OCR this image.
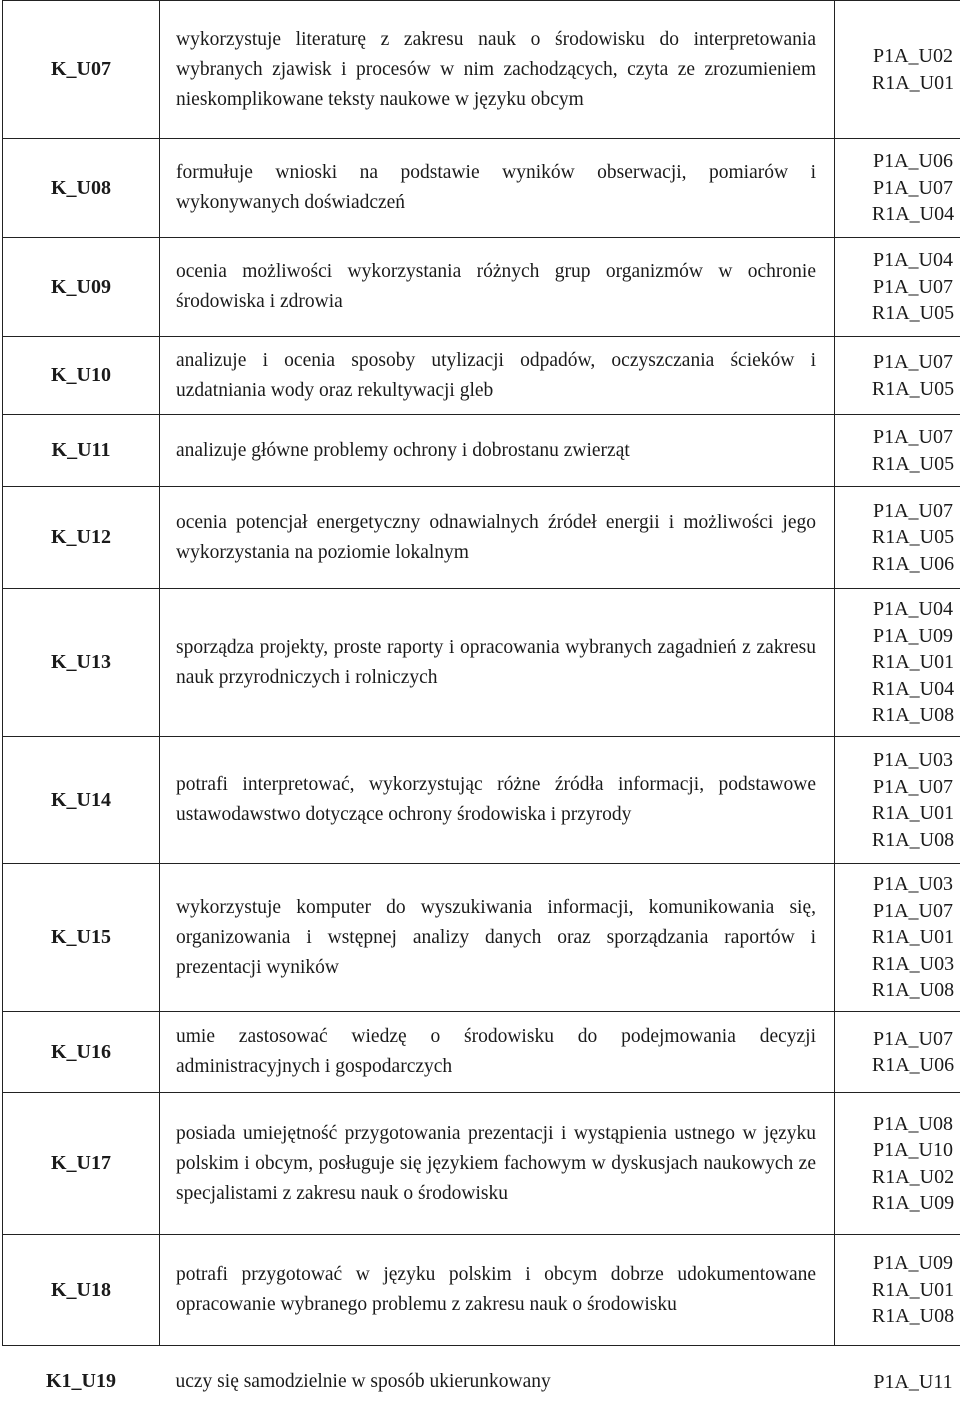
K_U07	wykorzystuje literaturę z zakresu nauk o środowisku do interpretowania wybranych zjawisk i procesów w nim zachodzących, czyta ze zrozumieniem nieskomplikowane teksty naukowe w języku obcym	P1A_U02
R1A_U01

K_U08	formułuje wnioski na podstawie wyników obserwacji, pomiarów i wykonywanych doświadczeń	P1A_U06
P1A_U07
R1A_U04

K_U09	ocenia możliwości wykorzystania różnych grup organizmów w ochronie środowiska i zdrowia	P1A_U04
P1A_U07
R1A_U05

K_U10	analizuje i ocenia sposoby utylizacji odpadów, oczyszczania ścieków i uzdatniania wody oraz rekultywacji gleb	P1A_U07
R1A_U05

K_U11	analizuje główne problemy ochrony i dobrostanu zwierząt	P1A_U07
R1A_U05

K_U12	ocenia potencjał energetyczny odnawialnych źródeł energii i możliwości jego wykorzystania na poziomie lokalnym	P1A_U07
R1A_U05
R1A_U06

K_U13	sporządza projekty, proste raporty i opracowania wybranych zagadnień z zakresu nauk przyrodniczych i rolniczych	P1A_U04
P1A_U09
R1A_U01
R1A_U04
R1A_U08

K_U14	potrafi interpretować, wykorzystując różne źródła informacji, podstawowe ustawodawstwo dotyczące ochrony środowiska i przyrody	P1A_U03
P1A_U07
R1A_U01
R1A_U08

K_U15	wykorzystuje komputer do wyszukiwania informacji, komunikowania się, organizowania i wstępnej analizy danych oraz sporządzania raportów i prezentacji wyników	P1A_U03
P1A_U07
R1A_U01
R1A_U03
R1A_U08

K_U16	umie zastosować wiedzę o środowisku do podejmowania decyzji administracyjnych i gospodarczych	P1A_U07
R1A_U06

K_U17	posiada umiejętność przygotowania prezentacji i wystąpienia ustnego w języku polskim i obcym, posługuje się językiem fachowym w dyskusjach naukowych ze specjalistami z zakresu nauk o środowisku	P1A_U08
P1A_U10
R1A_U02
R1A_U09

K_U18	potrafi przygotować w języku polskim i obcym dobrze udokumentowane opracowanie wybranego problemu z zakresu nauk o środowisku	P1A_U09
R1A_U01
R1A_U08

K1_U19	uczy się samodzielnie w sposób ukierunkowany	P1A_U11
